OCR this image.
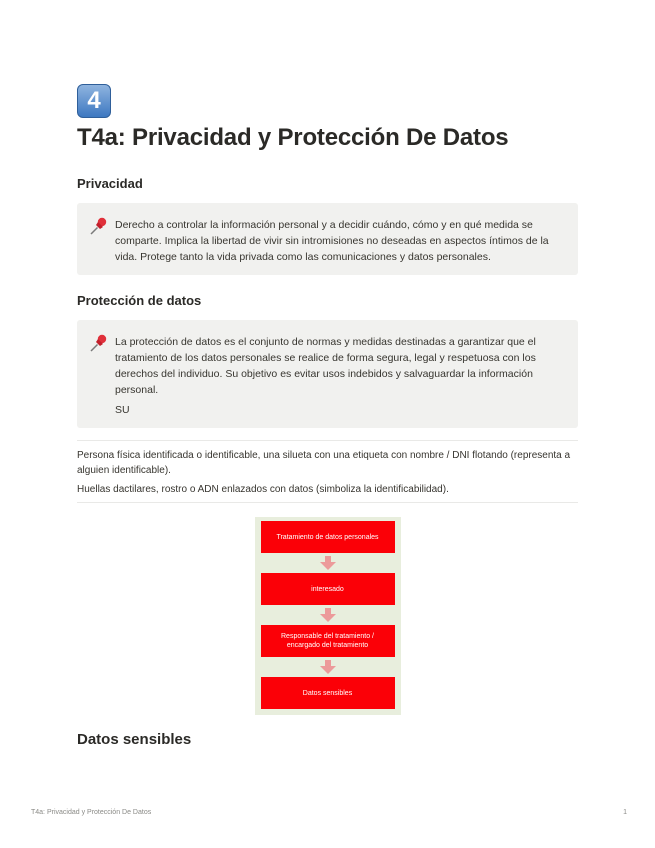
4
T4a: Privacidad y Protección De Datos
Privacidad

Derecho a controlar la información personal y a decidir cuándo, cómo y en qué medida se comparte. Implica la libertad de vivir sin intromisiones no deseadas en aspectos íntimos de la vida. Protege tanto la vida privada como las comunicaciones y datos personales.

Protección de datos

La protección de datos es el conjunto de normas y medidas destinadas a garantizar que el tratamiento de los datos personales se realice de forma segura, legal y respetuosa con los derechos del individuo. Su objetivo es evitar usos indebidos y salvaguardar la información personal.

SU

Persona física identificada o identificable, una silueta con una etiqueta con nombre / DNI flotando (representa a alguien identificable).

Huellas dactilares, rostro o ADN enlazados con datos (simboliza la identificabilidad).

Tratamiento de datos personales
interesado
Responsable del tratamiento / encargado del tratamiento
Datos sensibles
Datos sensibles
T4a: Privacidad y Protección De Datos	1
